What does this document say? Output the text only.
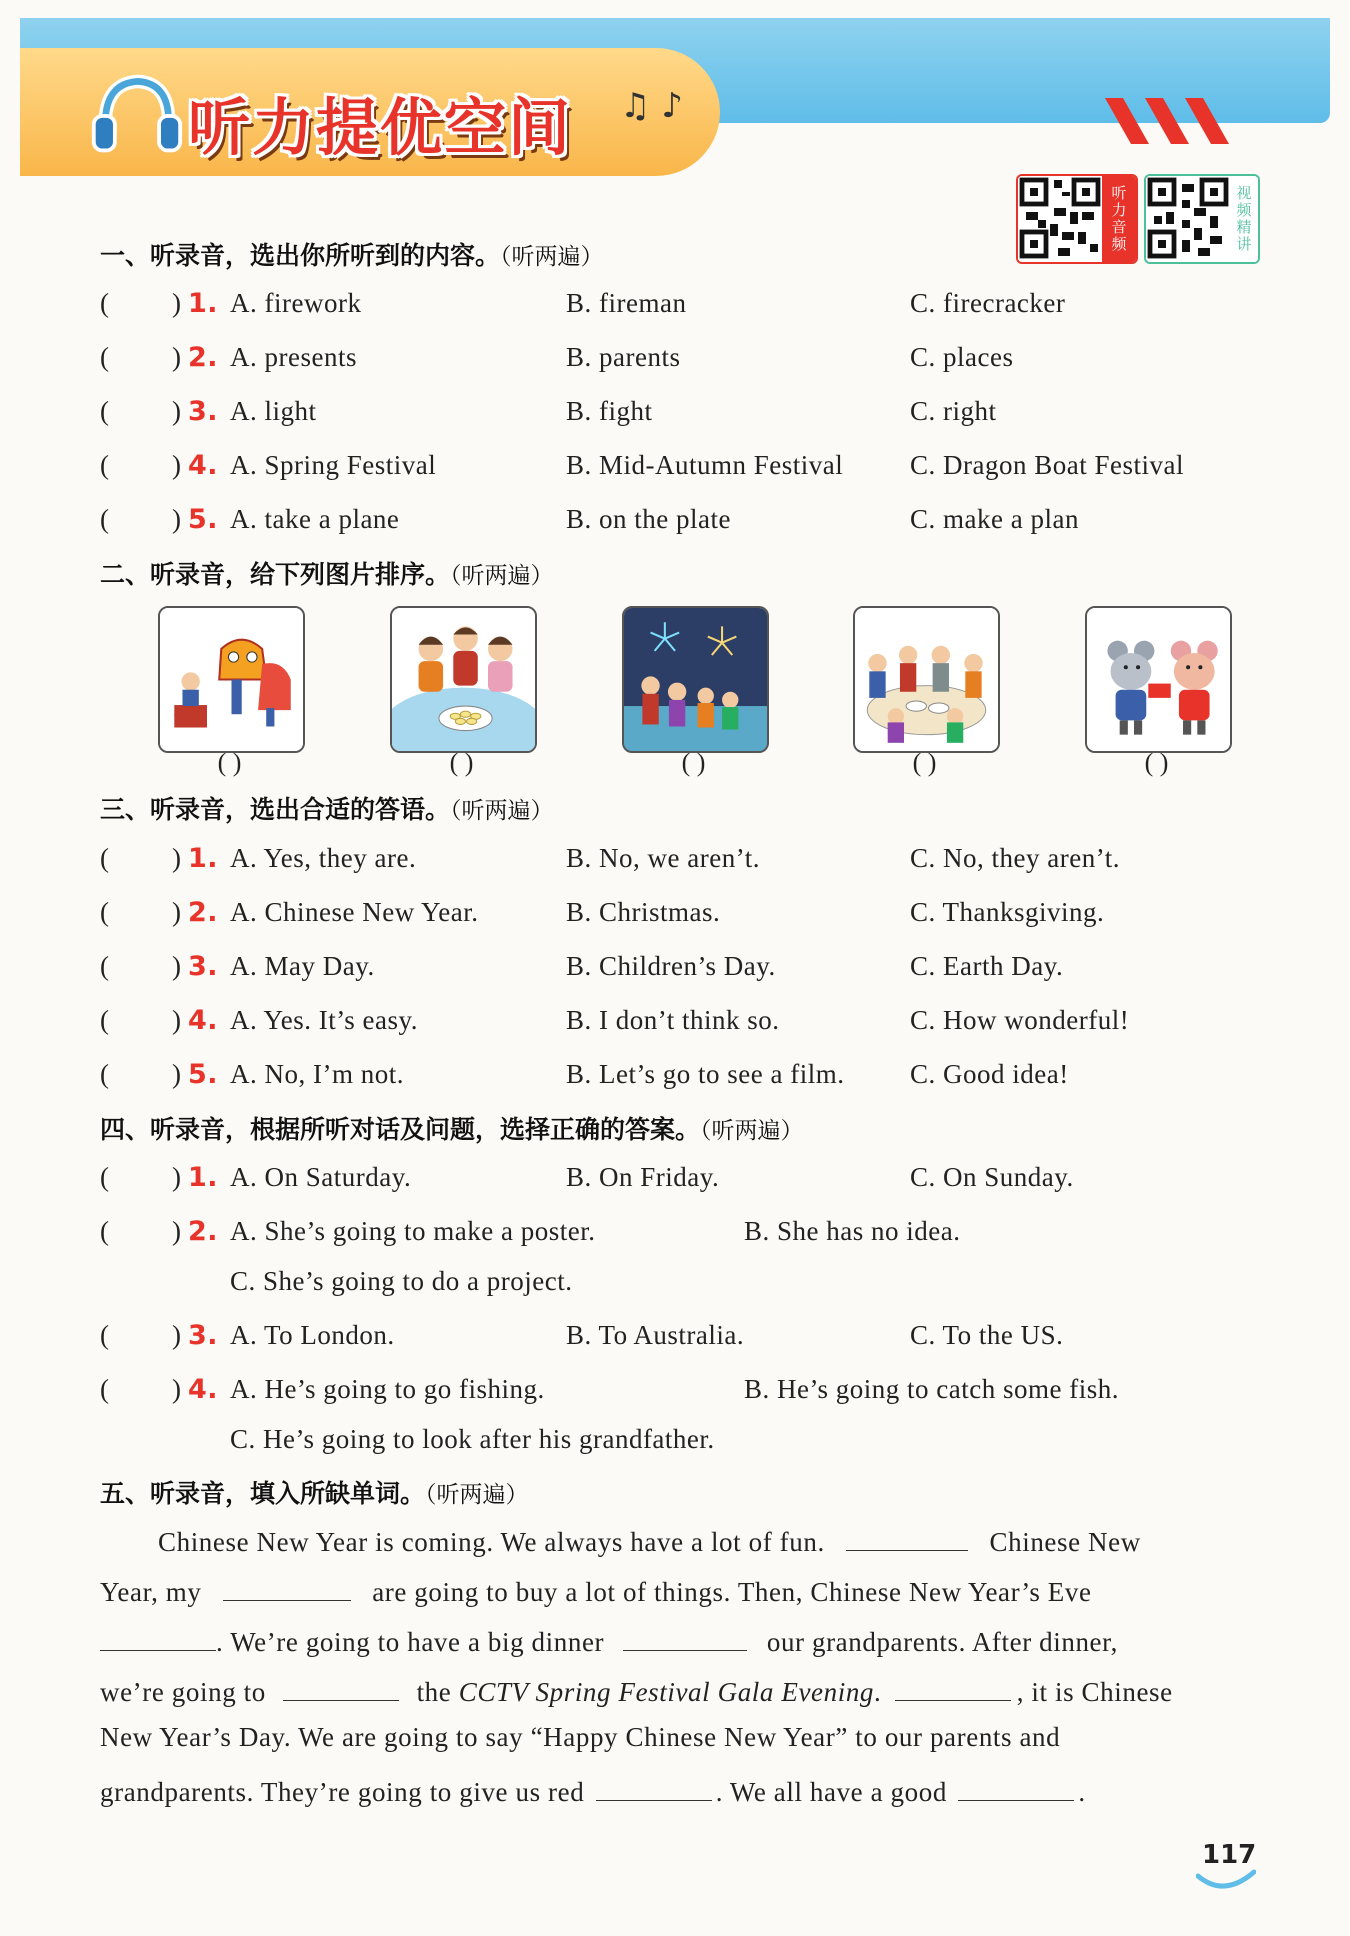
听力提优空间 ♫ ♪
听
力
音
频
视
频
精
讲
一、听录音，选出你所听到的内容。（听两遍）
( ) 1. A. firework	B. fireman	C. firecracker
( ) 2. A. presents	B. parents	C. places
( ) 3. A. light	B. fight	C. right
( ) 4. A. Spring Festival	B. Mid-Autumn Festival C. Dragon Boat Festival
( ) 5. A. take a plane	B. on the plate	C. make a plan
二、听录音，给下列图片排序。（听两遍）
( )	( )	( )	( )	( )
三、听录音，选出合适的答语。（听两遍）
( ) 1. A. Yes, they are.	B. No, we aren’t.	C. No, they aren’t.
( ) 2. A. Chinese New Year.	B. Christmas.	C. Thanksgiving.
( ) 3. A. May Day.	B. Children’s Day.	C. Earth Day.
( ) 4. A. Yes. It’s easy.	B. I don’t think so.	C. How wonderful!
( ) 5. A. No, I’m not.	B. Let’s go to see a film. C. Good idea!
四、听录音，根据所听对话及问题，选择正确的答案。（听两遍）
( ) 1. A. On Saturday.	B. On Friday.	C. On Sunday.
( ) 2. A. She’s going to make a poster.	B. She has no idea.
C. She’s going to do a project.
( ) 3. A. To London.	B. To Australia.	C. To the US.
( ) 4. A. He’s going to go fishing.	B. He’s going to catch some fish.
C. He’s going to look after his grandfather.
五、听录音，填入所缺单词。（听两遍）
Chinese New Year is coming. We always have a lot of fun.	Chinese New
Year, my	are going to buy a lot of things. Then, Chinese New Year’s Eve
. We’re going to have a big dinner	our grandparents. After dinner,
we’re going to	the CCTV Spring Festival Gala Evening.	, it is Chinese
New Year’s Day. We are going to say “Happy Chinese New Year” to our parents and
grandparents. They’re going to give us red	. We all have a good	.
117
